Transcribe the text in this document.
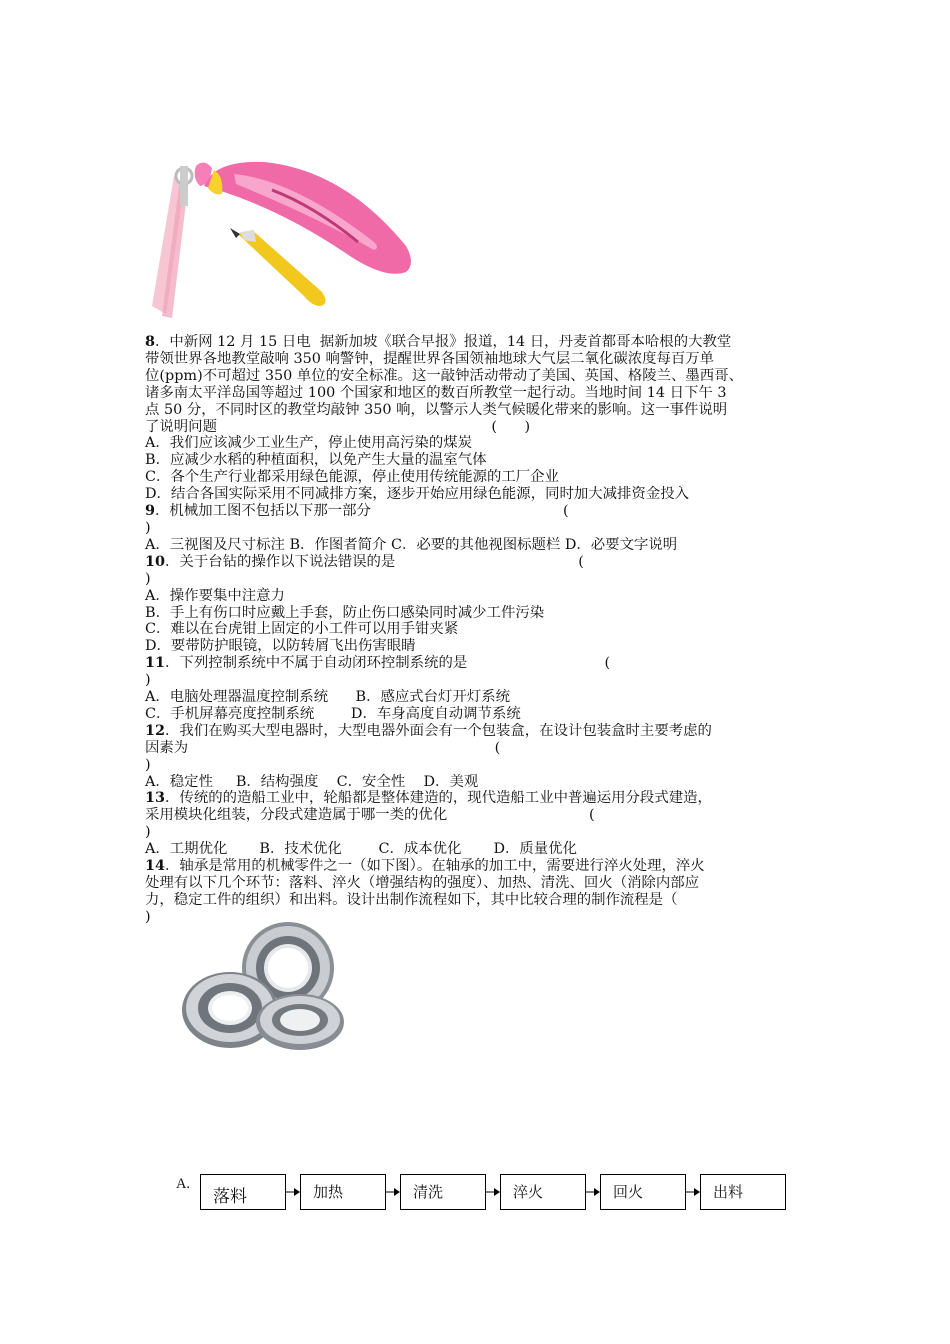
8．中新网 12 月 15 日电  据新加坡《联合早报》报道，14 日，丹麦首都哥本哈根的大教堂
带领世界各地教堂敲响 350 响警钟，提醒世界各国领袖地球大气层二氧化碳浓度每百万单
位(ppm)不可超过 350 单位的安全标准。这一敲钟活动带动了美国、英国、格陵兰、墨西哥、
诸多南太平洋岛国等超过 100 个国家和地区的数百所教堂一起行动。当地时间 14 日下午 3
点 50 分，不同时区的教堂均敲钟 350 响，以警示人类气候暖化带来的影响。这一事件说明
了说明问题                                                            (      )
A．我们应该减少工业生产，停止使用高污染的煤炭
B．应减少水稻的种植面积，以免产生大量的温室气体
C．各个生产行业都采用绿色能源，停止使用传统能源的工厂企业
D．结合各国实际采用不同减排方案，逐步开始应用绿色能源，同时加大减排资金投入
9．机械加工图不包括以下那一部分                                          (
)
A．三视图及尺寸标注 B．作图者简介 C．必要的其他视图标题栏 D．必要文字说明
10．关于台钻的操作以下说法错误的是                                        (
)
A．操作要集中注意力
B．手上有伤口时应戴上手套，防止伤口感染同时减少工件污染
C．难以在台虎钳上固定的小工件可以用手钳夹紧
D．要带防护眼镜，以防转屑飞出伤害眼睛
11．下列控制系统中不属于自动闭环控制系统的是                              (
)
A．电脑处理器温度控制系统      B．感应式台灯开灯系统
C．手机屏幕亮度控制系统        D．车身高度自动调节系统
12．我们在购买大型电器时，大型电器外面会有一个包装盒，在设计包装盒时主要考虑的
因素为                                                                   (
)
A．稳定性     B．结构强度    C．安全性    D．美观
13．传统的的造船工业中，轮船都是整体建造的，现代造船工业中普遍运用分段式建造，
采用模块化组装，分段式建造属于哪一类的优化                               (
)
A．工期优化       B．技术优化        C．成本优化       D．质量优化
14．轴承是常用的机械零件之一（如下图）。在轴承的加工中，需要进行淬火处理，淬火
处理有以下几个环节：落料、淬火（增强结构的强度）、加热、清洗、回火（消除内部应
力，稳定工件的组织）和出料。设计出制作流程如下，其中比较合理的制作流程是（
)
A.
落料	加热	清洗	淬火	回火	出料
